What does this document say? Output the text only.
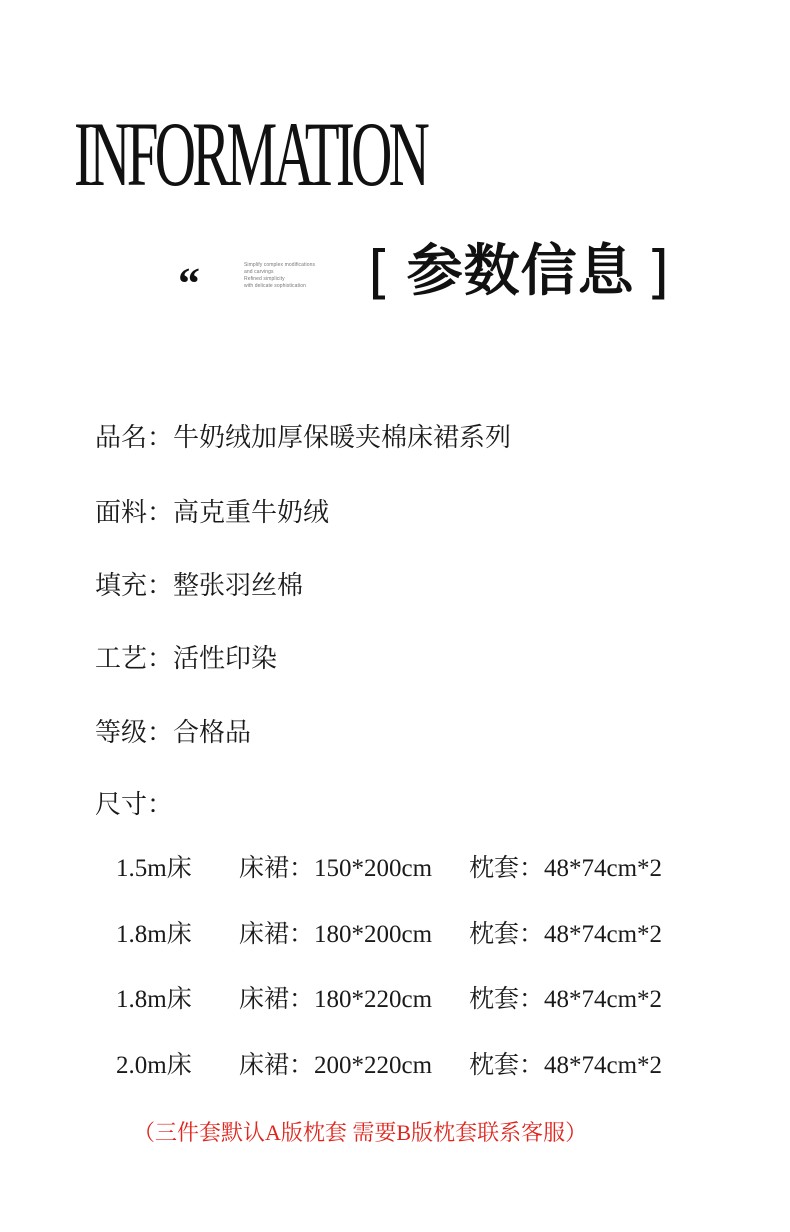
INFORMATION
“	Simplify complex modifications
and carvings
Refined simplicity
with delicate sophistication	[ 参数信息 ]
品名：牛奶绒加厚保暖夹棉床裙系列
面料：高克重牛奶绒
填充：整张羽丝棉
工艺：活性印染
等级：合格品
尺寸：
1.5m床 床裙：150*200cm 枕套：48*74cm*2
1.8m床 床裙：180*200cm 枕套：48*74cm*2
1.8m床 床裙：180*220cm 枕套：48*74cm*2
2.0m床 床裙：200*220cm 枕套：48*74cm*2
（三件套默认A版枕套 需要B版枕套联系客服）
